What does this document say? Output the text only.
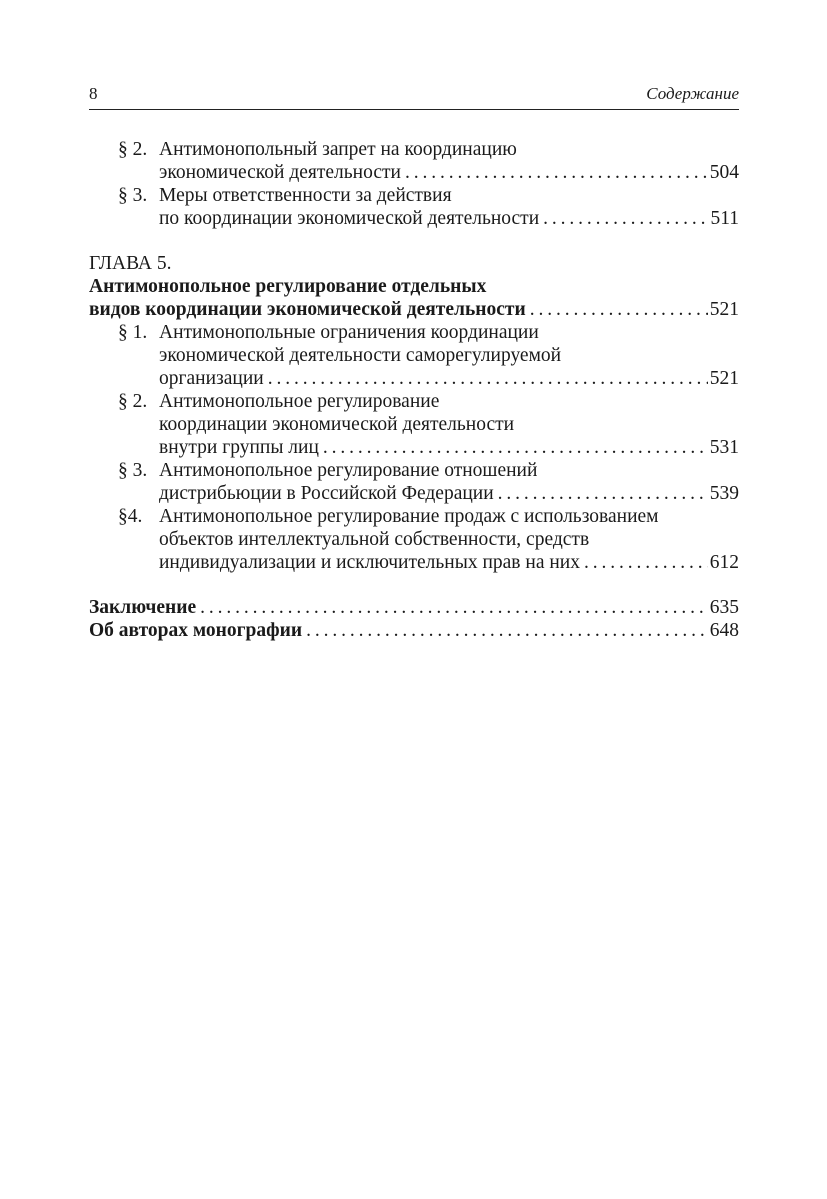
8	Содержание
§ 2. Антимонопольный запрет на координацию
экономической деятельности . . .	504
§ 3. Меры ответственности за действия
по координации экономической деятельности . . .	511
ГЛАВА 5.
Антимонопольное регулирование отдельных
видов координации экономической деятельности . . .	521
§ 1. Антимонопольные ограничения координации
экономической деятельности саморегулируемой
организации . . .	521
§ 2. Антимонопольное регулирование
координации экономической деятельности
внутри группы лиц . . .	531
§ 3. Антимонопольное регулирование отношений
дистрибьюции в Российской Федерации . . .	539
§4. Антимонопольное регулирование продаж с использованием
объектов интеллектуальной собственности, средств
индивидуализации и исключительных прав на них . . .	612
Заключение . . .	635
Об авторах монографии . . .	648
